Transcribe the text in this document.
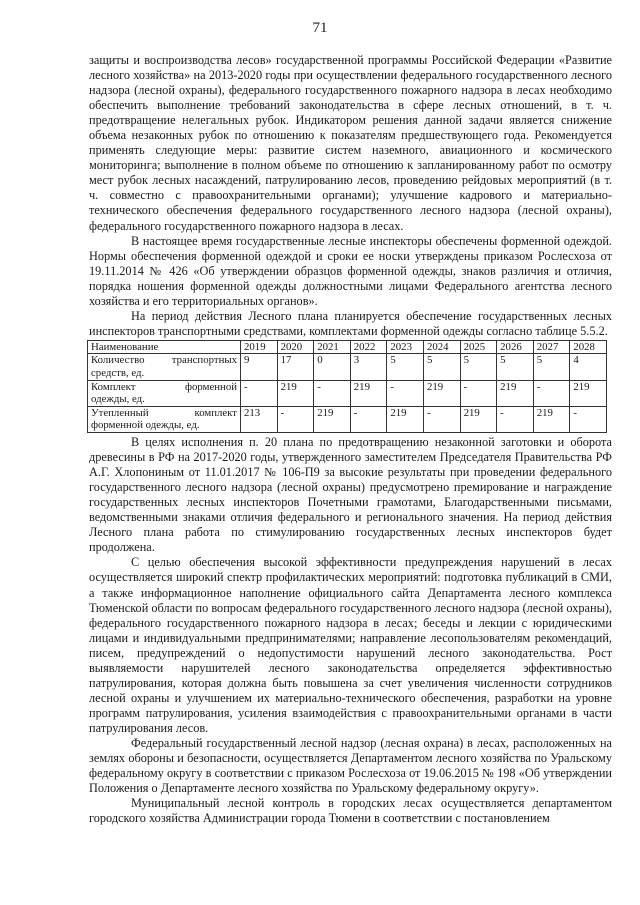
71

защиты и воспроизводства лесов» государственной программы Российской Федерации «Развитие лесного хозяйства» на 2013-2020 годы при осуществлении федерального государственного лесного надзора (лесной охраны), федерального государственного пожарного надзора в лесах необходимо обеспечить выполнение требований законодательства в сфере лесных отношений, в т. ч. предотвращение нелегальных рубок. Индикатором решения данной задачи является снижение объема незаконных рубок по отношению к показателям предшествующего года. Рекомендуется применять следующие меры: развитие систем наземного, авиационного и космического мониторинга; выполнение в полном объеме по отношению к запланированному работ по осмотру мест рубок лесных насаждений, патрулированию лесов, проведению рейдовых мероприятий (в т. ч. совместно с правоохранительными органами); улучшение кадрового и материально-технического обеспечения федерального государственного лесного надзора (лесной охраны), федерального государственного пожарного надзора в лесах.

В настоящее время государственные лесные инспекторы обеспечены форменной одеждой. Нормы обеспечения форменной одеждой и сроки ее носки утверждены приказом Рослесхоза от 19.11.2014 № 426 «Об утверждении образцов форменной одежды, знаков различия и отличия, порядка ношения форменной одежды должностными лицами Федерального агентства лесного хозяйства и его территориальных органов».

На период действия Лесного плана планируется обеспечение государственных лесных инспекторов транспортными средствами, комплектами форменной одежды согласно таблице 5.5.2.

Наименование	2019	2020	2021	2022	2023	2024	2025	2026	2027	2028

Количество транспортных
средств, ед.	9	17	0	3	5	5	5	5	5	4

Комплект форменной
одежды, ед.	-	219	-	219	-	219	-	219	-	219

Утепленный комплект
форменной одежды, ед.	213	-	219	-	219	-	219	-	219	-

В целях исполнения п. 20 плана по предотвращению незаконной заготовки и оборота древесины в РФ на 2017-2020 годы, утвержденного заместителем Председателя Правительства РФ А.Г. Хлопониным от 11.01.2017 № 106-П9 за высокие результаты при проведении федерального государственного лесного надзора (лесной охраны) предусмотрено премирование и награждение государственных лесных инспекторов Почетными грамотами, Благодарственными письмами, ведомственными знаками отличия федерального и регионального значения. На период действия Лесного плана работа по стимулированию государственных лесных инспекторов будет продолжена.

С целью обеспечения высокой эффективности предупреждения нарушений в лесах осуществляется широкий спектр профилактических мероприятий: подготовка публикаций в СМИ, а также информационное наполнение официального сайта Департамента лесного комплекса Тюменской области по вопросам федерального государственного лесного надзора (лесной охраны), федерального государственного пожарного надзора в лесах; беседы и лекции с юридическими лицами и индивидуальными предпринимателями; направление лесопользователям рекомендаций, писем, предупреждений о недопустимости нарушений лесного законодательства. Рост выявляемости нарушителей лесного законодательства определяется эффективностью патрулирования, которая должна быть повышена за счет увеличения численности сотрудников лесной охраны и улучшением их материально-технического обеспечения, разработки на уровне программ патрулирования, усиления взаимодействия с правоохранительными органами в части патрулирования лесов.

Федеральный государственный лесной надзор (лесная охрана) в лесах, расположенных на землях обороны и безопасности, осуществляется Департаментом лесного хозяйства по Уральскому федеральному округу в соответствии с приказом Рослесхоза от 19.06.2015 № 198 «Об утверждении Положения о Департаменте лесного хозяйства по Уральскому федеральному округу».

Муниципальный лесной контроль в городских лесах осуществляется департаментом городского хозяйства Администрации города Тюмени в соответствии с постановлением
